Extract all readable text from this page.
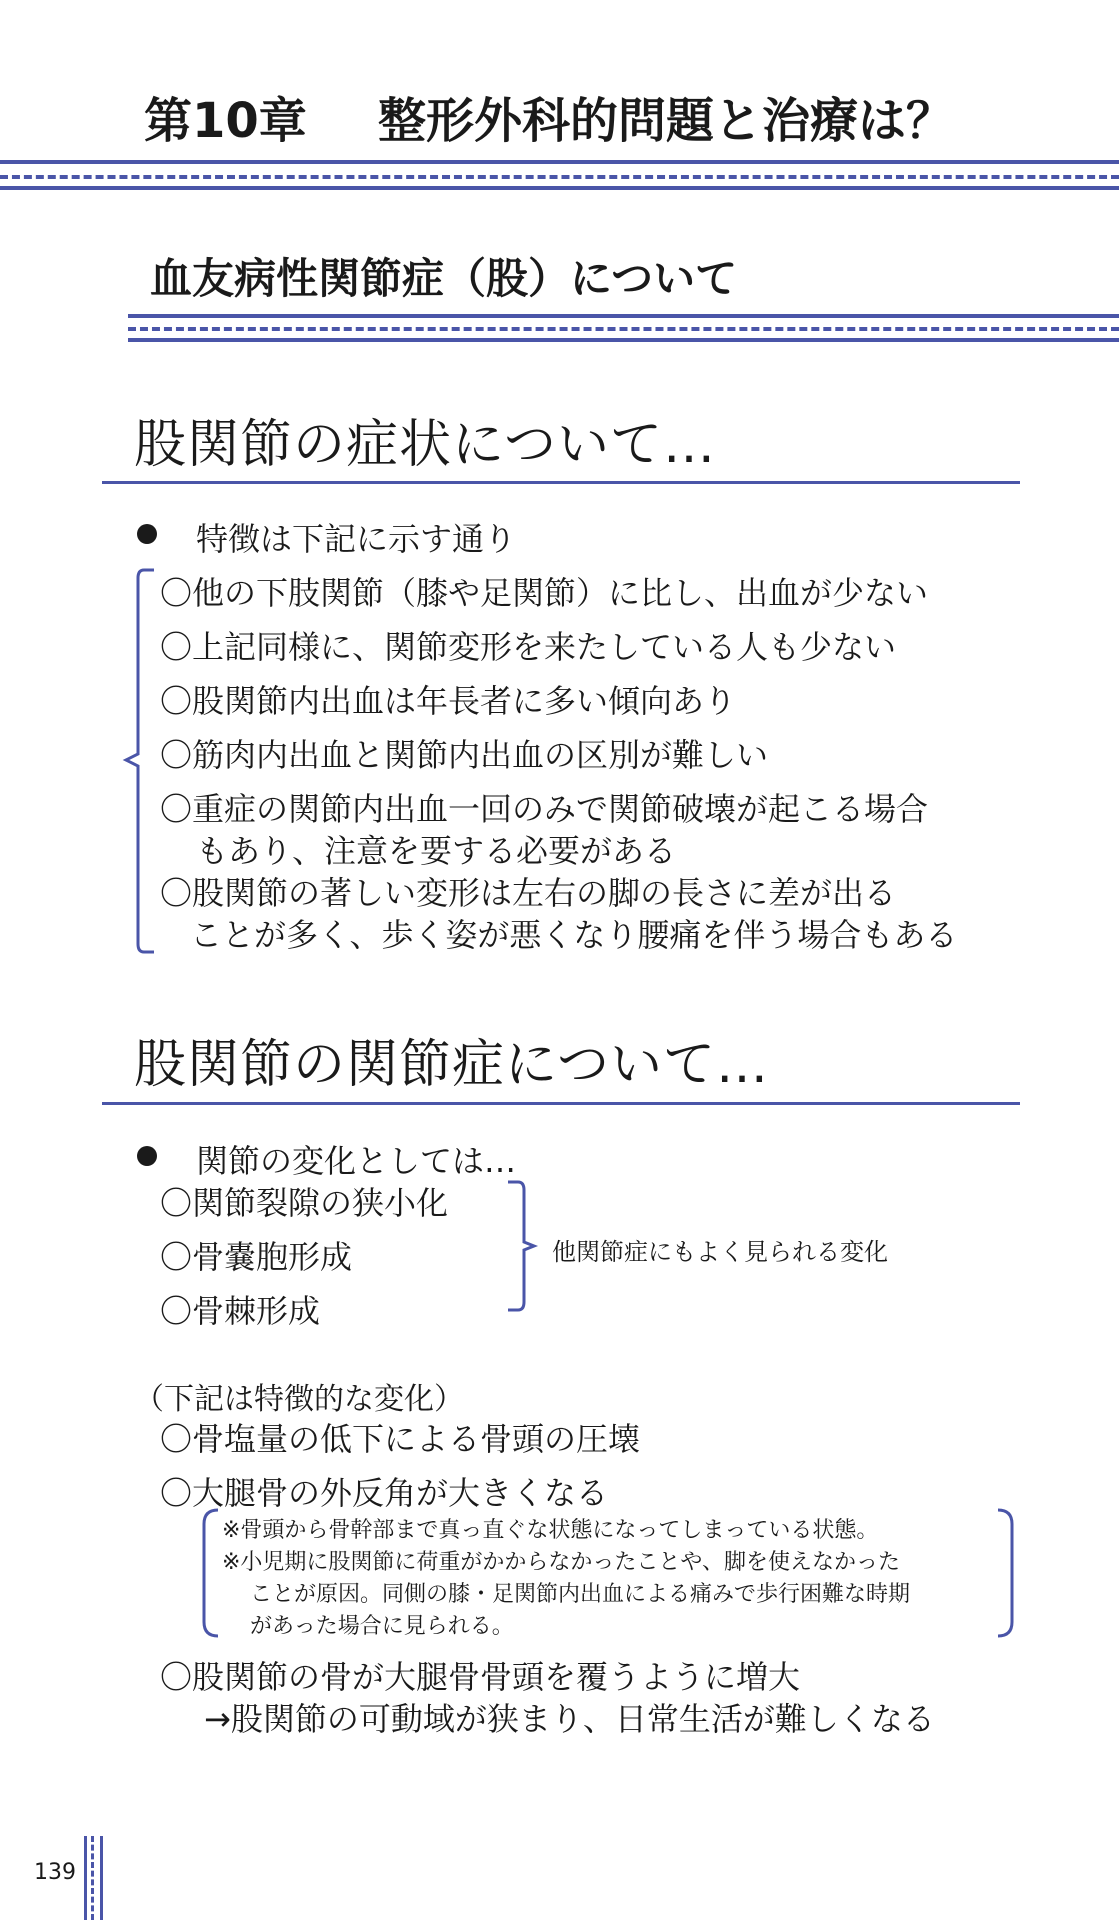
第10章 整形外科的問題と治療は？
血友病性関節症（股）について
股関節の症状について…
特徴は下記に示す通り
〇他の下肢関節（膝や足関節）に比し、出血が少ない
〇上記同様に、関節変形を来たしている人も少ない
〇股関節内出血は年長者に多い傾向あり
〇筋肉内出血と関節内出血の区別が難しい
〇重症の関節内出血一回のみで関節破壊が起こる場合
もあり、注意を要する必要がある
〇股関節の著しい変形は左右の脚の長さに差が出る
ことが多く、歩く姿が悪くなり腰痛を伴う場合もある
股関節の関節症について…
関節の変化としては…
〇関節裂隙の狭小化
〇骨嚢胞形成
〇骨棘形成
他関節症にもよく見られる変化
（下記は特徴的な変化）
〇骨塩量の低下による骨頭の圧壊
〇大腿骨の外反角が大きくなる
※骨頭から骨幹部まで真っ直ぐな状態になってしまっている状態。
※小児期に股関節に荷重がかからなかったことや、脚を使えなかった
ことが原因。同側の膝・足関節内出血による痛みで歩行困難な時期
があった場合に見られる。
〇股関節の骨が大腿骨骨頭を覆うように増大
→股関節の可動域が狭まり、日常生活が難しくなる
139
